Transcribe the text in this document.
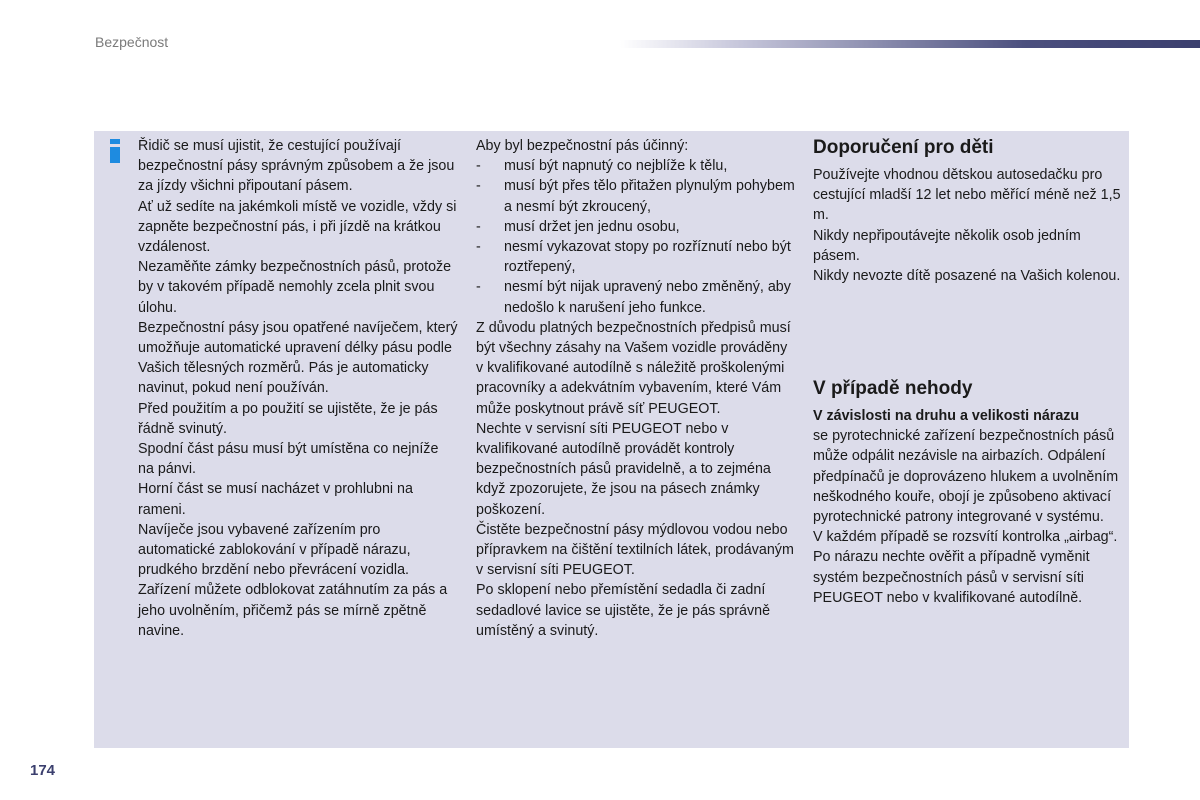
Bezpečnost

Řidič se musí ujistit, že cestující používají bezpečnostní pásy správným způsobem a že jsou za jízdy všichni připoutaní pásem.

Ať už sedíte na jakémkoli místě ve vozidle, vždy si zapněte bezpečnostní pás, i při jízdě na krátkou vzdálenost.

Nezaměňte zámky bezpečnostních pásů, protože by v takovém případě nemohly zcela plnit svou úlohu.

Bezpečnostní pásy jsou opatřené navíječem, který umožňuje automatické upravení délky pásu podle Vašich tělesných rozměrů. Pás je automaticky navinut, pokud není používán.

Před použitím a po použití se ujistěte, že je pás řádně svinutý.

Spodní část pásu musí být umístěna co nejníže na pánvi.

Horní část se musí nacházet v prohlubni na rameni.

Navíječe jsou vybavené zařízením pro automatické zablokování v případě nárazu, prudkého brzdění nebo převrácení vozidla.

Zařízení můžete odblokovat zatáhnutím za pás a jeho uvolněním, přičemž pás se mírně zpětně navine.

Aby byl bezpečnostní pás účinný:

- musí být napnutý co nejblíže k tělu,
- musí být přes tělo přitažen plynulým pohybem a nesmí být zkroucený,
- musí držet jen jednu osobu,
- nesmí vykazovat stopy po rozříznutí nebo být roztřepený,
- nesmí být nijak upravený nebo změněný, aby nedošlo k narušení jeho funkce.

Z důvodu platných bezpečnostních předpisů musí být všechny zásahy na Vašem vozidle prováděny v kvalifikované autodílně s náležitě proškolenými pracovníky a adekvátním vybavením, které Vám může poskytnout právě síť PEUGEOT.

Nechte v servisní síti PEUGEOT nebo v kvalifikované autodílně provádět kontroly bezpečnostních pásů pravidelně, a to zejména když zpozorujete, že jsou na pásech známky poškození.

Čistěte bezpečnostní pásy mýdlovou vodou nebo přípravkem na čištění textilních látek, prodávaným v servisní síti PEUGEOT.

Po sklopení nebo přemístění sedadla či zadní sedadlové lavice se ujistěte, že je pás správně umístěný a svinutý.

Doporučení pro děti

Používejte vhodnou dětskou autosedačku pro cestující mladší 12 let nebo měřící méně než 1,5 m.

Nikdy nepřipoutávejte několik osob jedním pásem.

Nikdy nevozte dítě posazené na Vašich kolenou.

V případě nehody

V závislosti na druhu a velikosti nárazu

se pyrotechnické zařízení bezpečnostních pásů může odpálit nezávisle na airbazích. Odpálení předpínačů je doprovázeno hlukem a uvolněním neškodného kouře, obojí je způsobeno aktivací pyrotechnické patrony integrované v systému.

V každém případě se rozsvítí kontrolka „airbag“.

Po nárazu nechte ověřit a případně vyměnit systém bezpečnostních pásů v servisní síti PEUGEOT nebo v kvalifikované autodílně.

174
